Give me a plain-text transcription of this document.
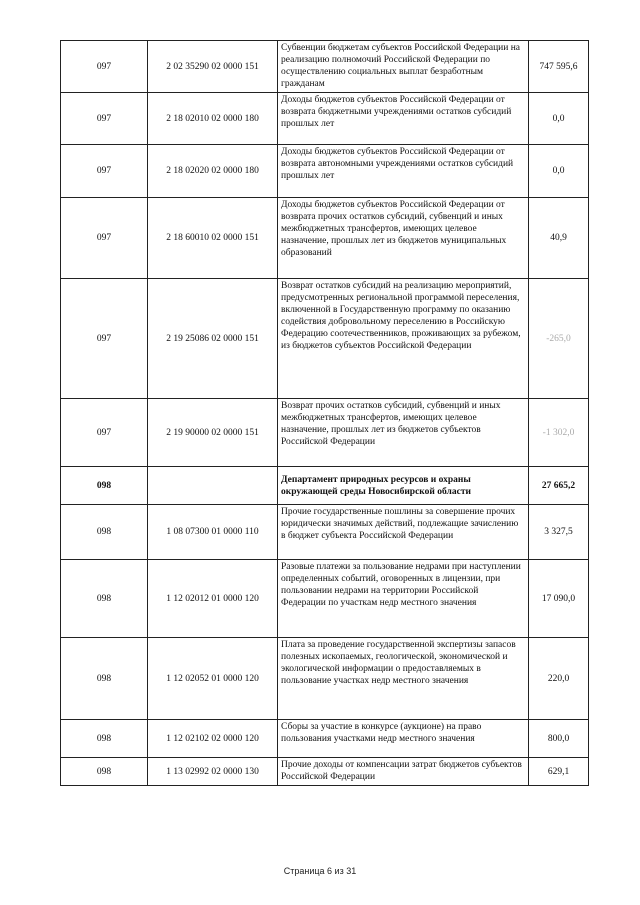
097	2 02 35290 02 0000 151	Субвенции бюджетам субъектов Российской Федерации на реализацию полномочий Российской Федерации по осуществлению социальных выплат безработным гражданам	747 595,6
097	2 18 02010 02 0000 180	Доходы бюджетов субъектов Российской Федерации от возврата бюджетными учреждениями остатков субсидий прошлых лет	0,0
097	2 18 02020 02 0000 180	Доходы бюджетов субъектов Российской Федерации от возврата автономными учреждениями остатков субсидий прошлых лет	0,0
097	2 18 60010 02 0000 151	Доходы бюджетов субъектов Российской Федерации от возврата прочих остатков субсидий, субвенций и иных межбюджетных трансфертов, имеющих целевое назначение, прошлых лет из бюджетов муниципальных образований	40,9
097	2 19 25086 02 0000 151	Возврат остатков субсидий на реализацию мероприятий, предусмотренных региональной программой переселения, включенной в Государственную программу по оказанию содействия добровольному переселению в Российскую Федерацию соотечественников, проживающих за рубежом, из бюджетов субъектов Российской Федерации	-265,0
097	2 19 90000 02 0000 151	Возврат прочих остатков субсидий, субвенций и иных межбюджетных трансфертов, имеющих целевое назначение, прошлых лет из бюджетов субъектов Российской Федерации	-1 302,0
098		Департамент природных ресурсов и охраны окружающей среды Новосибирской области	27 665,2
098	1 08 07300 01 0000 110	Прочие государственные пошлины за совершение прочих юридически значимых действий, подлежащие зачислению в бюджет субъекта Российской Федерации	3 327,5
098	1 12 02012 01 0000 120	Разовые платежи за пользование недрами при наступлении определенных событий, оговоренных в лицензии, при пользовании недрами на территории Российской Федерации по участкам недр местного значения	17 090,0
098	1 12 02052 01 0000 120	Плата за проведение государственной экспертизы запасов полезных ископаемых, геологической, экономической и экологической информации о предоставляемых в пользование участках недр местного значения	220,0
098	1 12 02102 02 0000 120	Сборы за участие в конкурсе (аукционе) на право пользования участками недр местного значения	800,0
098	1 13 02992 02 0000 130	Прочие доходы от компенсации затрат бюджетов субъектов Российской Федерации	629,1
Страница 6 из 31
